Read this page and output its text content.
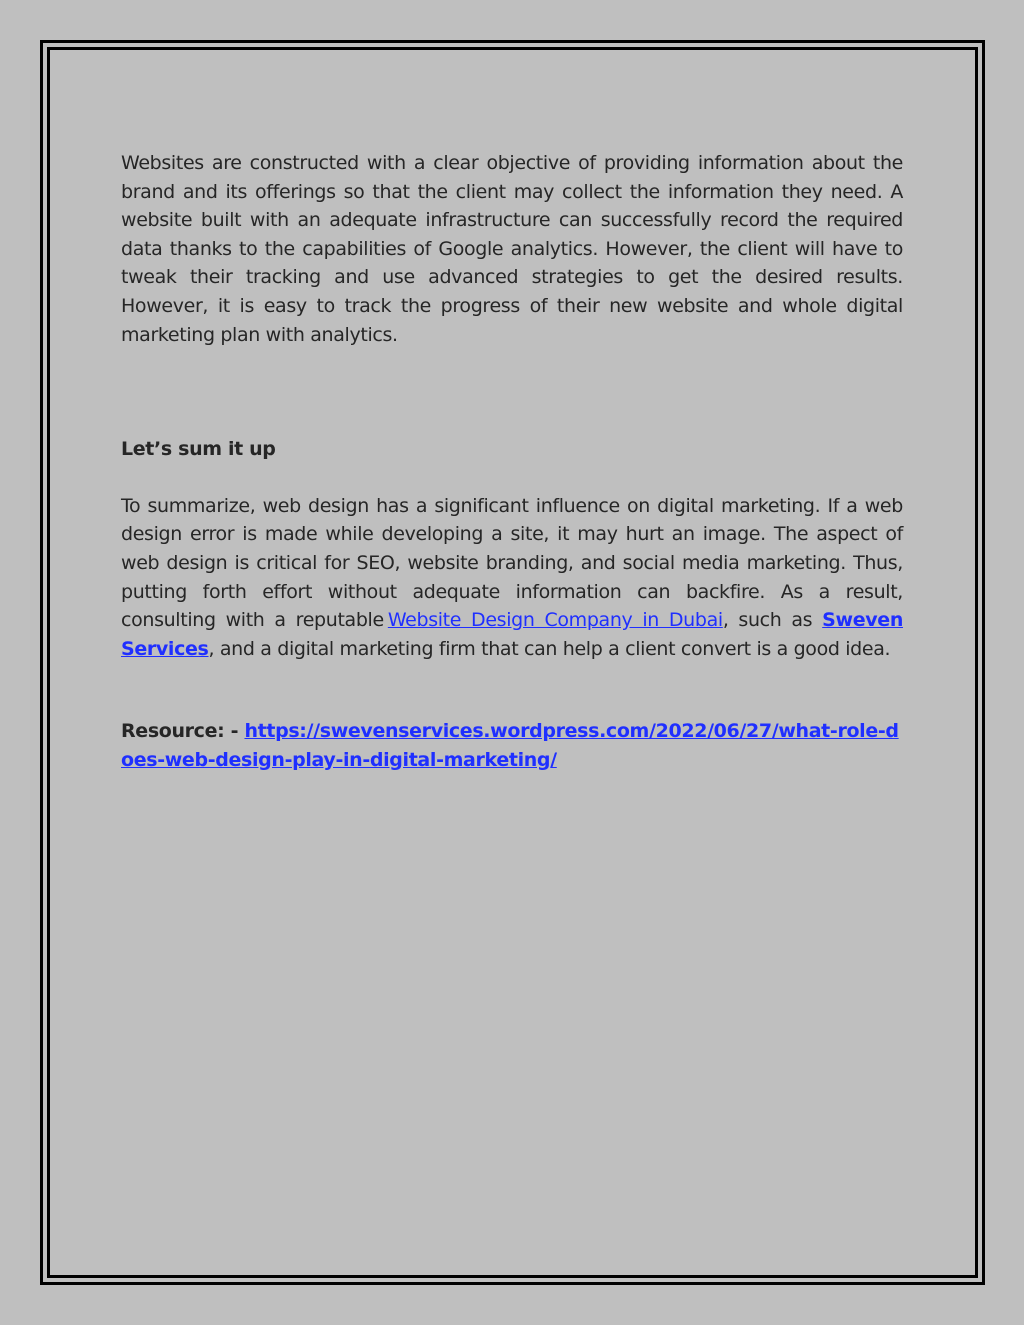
Websites are constructed with a clear objective of providing information about the brand and its offerings so that the client may collect the information they need. A website built with an adequate infrastructure can successfully record the required data thanks to the capabilities of Google analytics. However, the client will have to tweak their tracking and use advanced strategies to get the desired results. However, it is easy to track the progress of their new website and whole digital marketing plan with analytics.

Let’s sum it up

To summarize, web design has a significant influence on digital marketing. If a web design error is made while developing a site, it may hurt an image. The aspect of web design is critical for SEO, website branding, and social media marketing. Thus, putting forth effort without adequate information can backfire. As a result, consulting with a reputable Website Design Company in Dubai, such as Sweven Services, and a digital marketing firm that can help a client convert is a good idea.

Resource: - https://swevenservices.wordpress.com/2022/06/27/what-role-does-web-design-play-in-digital-marketing/
